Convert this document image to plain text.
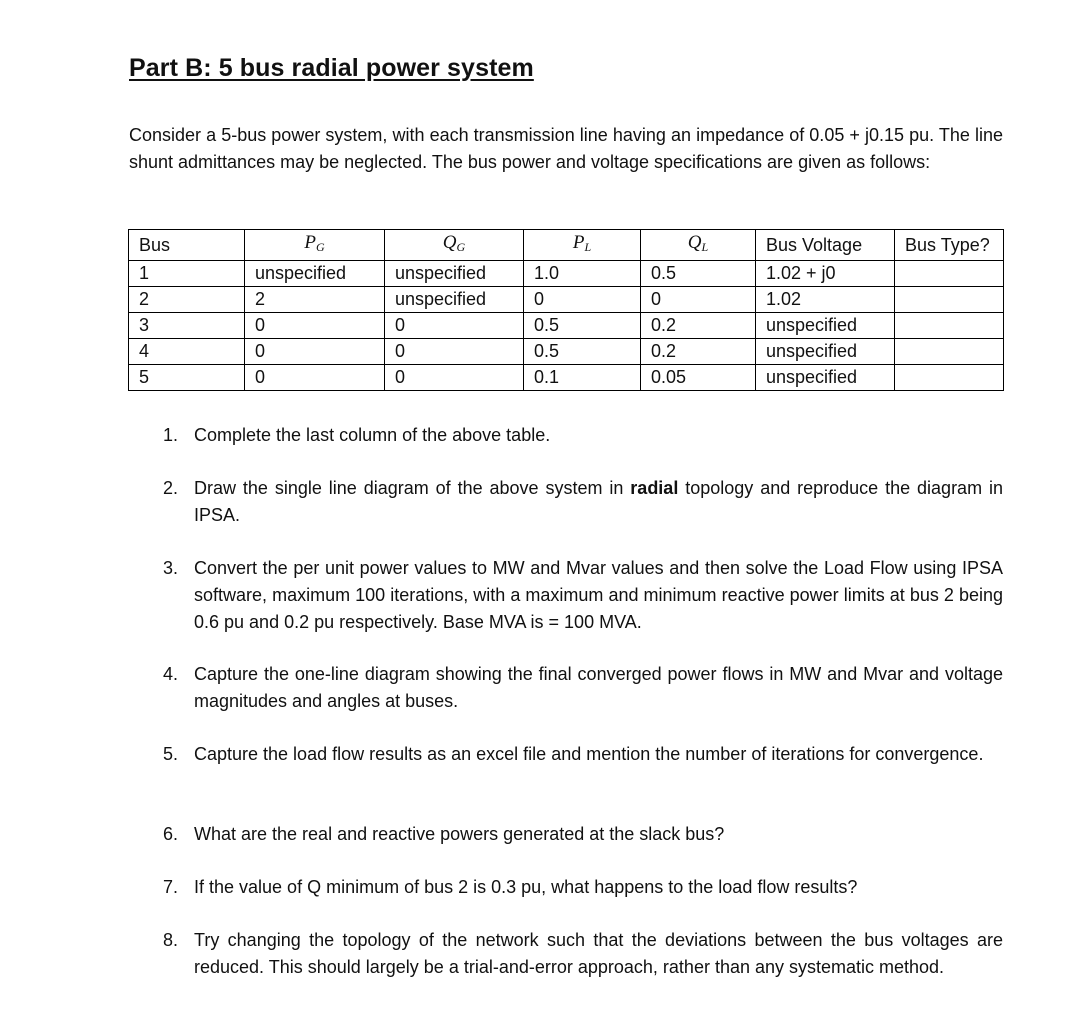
Part B: 5 bus radial power system

Consider a 5-bus power system, with each transmission line having an impedance of 0.05 + j0.15 pu. The line shunt admittances may be neglected. The bus power and voltage specifications are given as follows:

Bus	$P_G$	$Q_G$	$P_L$	$Q_L$	Bus Voltage	Bus Type?
1	unspecified	unspecified	1.0	0.5	1.02 + j0	
2	2	unspecified	0	0	1.02	
3	0	0	0.5	0.2	unspecified	
4	0	0	0.5	0.2	unspecified	
5	0	0	0.1	0.05	unspecified	
1. Complete the last column of the above table.
2. Draw the single line diagram of the above system in radial topology and reproduce the diagram in IPSA.
3. Convert the per unit power values to MW and Mvar values and then solve the Load Flow using IPSA software, maximum 100 iterations, with a maximum and minimum reactive power limits at bus 2 being 0.6 pu and 0.2 pu respectively. Base MVA is = 100 MVA.
4. Capture the one-line diagram showing the final converged power flows in MW and Mvar and voltage magnitudes and angles at buses.
5. Capture the load flow results as an excel file and mention the number of iterations for convergence.
6. What are the real and reactive powers generated at the slack bus?
7. If the value of Q minimum of bus 2 is 0.3 pu, what happens to the load flow results?
8. Try changing the topology of the network such that the deviations between the bus voltages are reduced. This should largely be a trial-and-error approach, rather than any systematic method.
